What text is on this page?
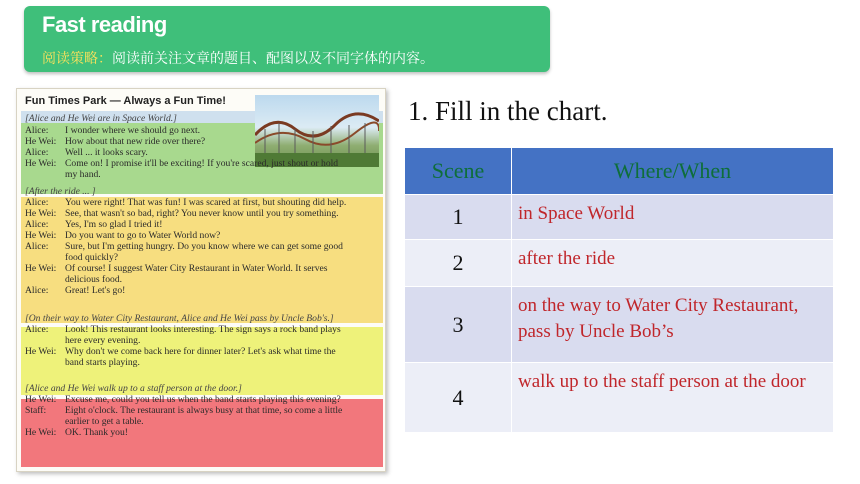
Fast reading
阅读策略：阅读前关注文章的题目、配图以及不同字体的内容。
Fun Times Park — Always a Fun Time!
[Alice and He Wei are in Space World.]
Alice: I wonder where we should go next.
He Wei: How about that new ride over there?
Alice: Well ... it looks scary.
He Wei: Come on! I promise it'll be exciting! If you're scared, just shout or hold
my hand.
[After the ride ... ]
Alice: You were right! That was fun! I was scared at first, but shouting did help.
He Wei: See, that wasn't so bad, right? You never know until you try something.
Alice: Yes, I'm so glad I tried it!
He Wei: Do you want to go to Water World now?
Alice: Sure, but I'm getting hungry. Do you know where we can get some good
food quickly?
He Wei: Of course! I suggest Water City Restaurant in Water World. It serves
delicious food.
Alice: Great! Let's go!
[On their way to Water City Restaurant, Alice and He Wei pass by Uncle Bob's.]
Alice: Look! This restaurant looks interesting. The sign says a rock band plays
here every evening.
He Wei: Why don't we come back here for dinner later? Let's ask what time the
band starts playing.
[Alice and He Wei walk up to a staff person at the door.]
He Wei: Excuse me, could you tell us when the band starts playing this evening?
Staff: Eight o'clock. The restaurant is always busy at that time, so come a little
earlier to get a table.
He Wei: OK. Thank you!
1. Fill in the chart.
Scene	Where/When
1	in Space World
2	after the ride
3	on the way to Water City Restaurant, pass by Uncle Bob’s
4	walk up to the staff person at the door
